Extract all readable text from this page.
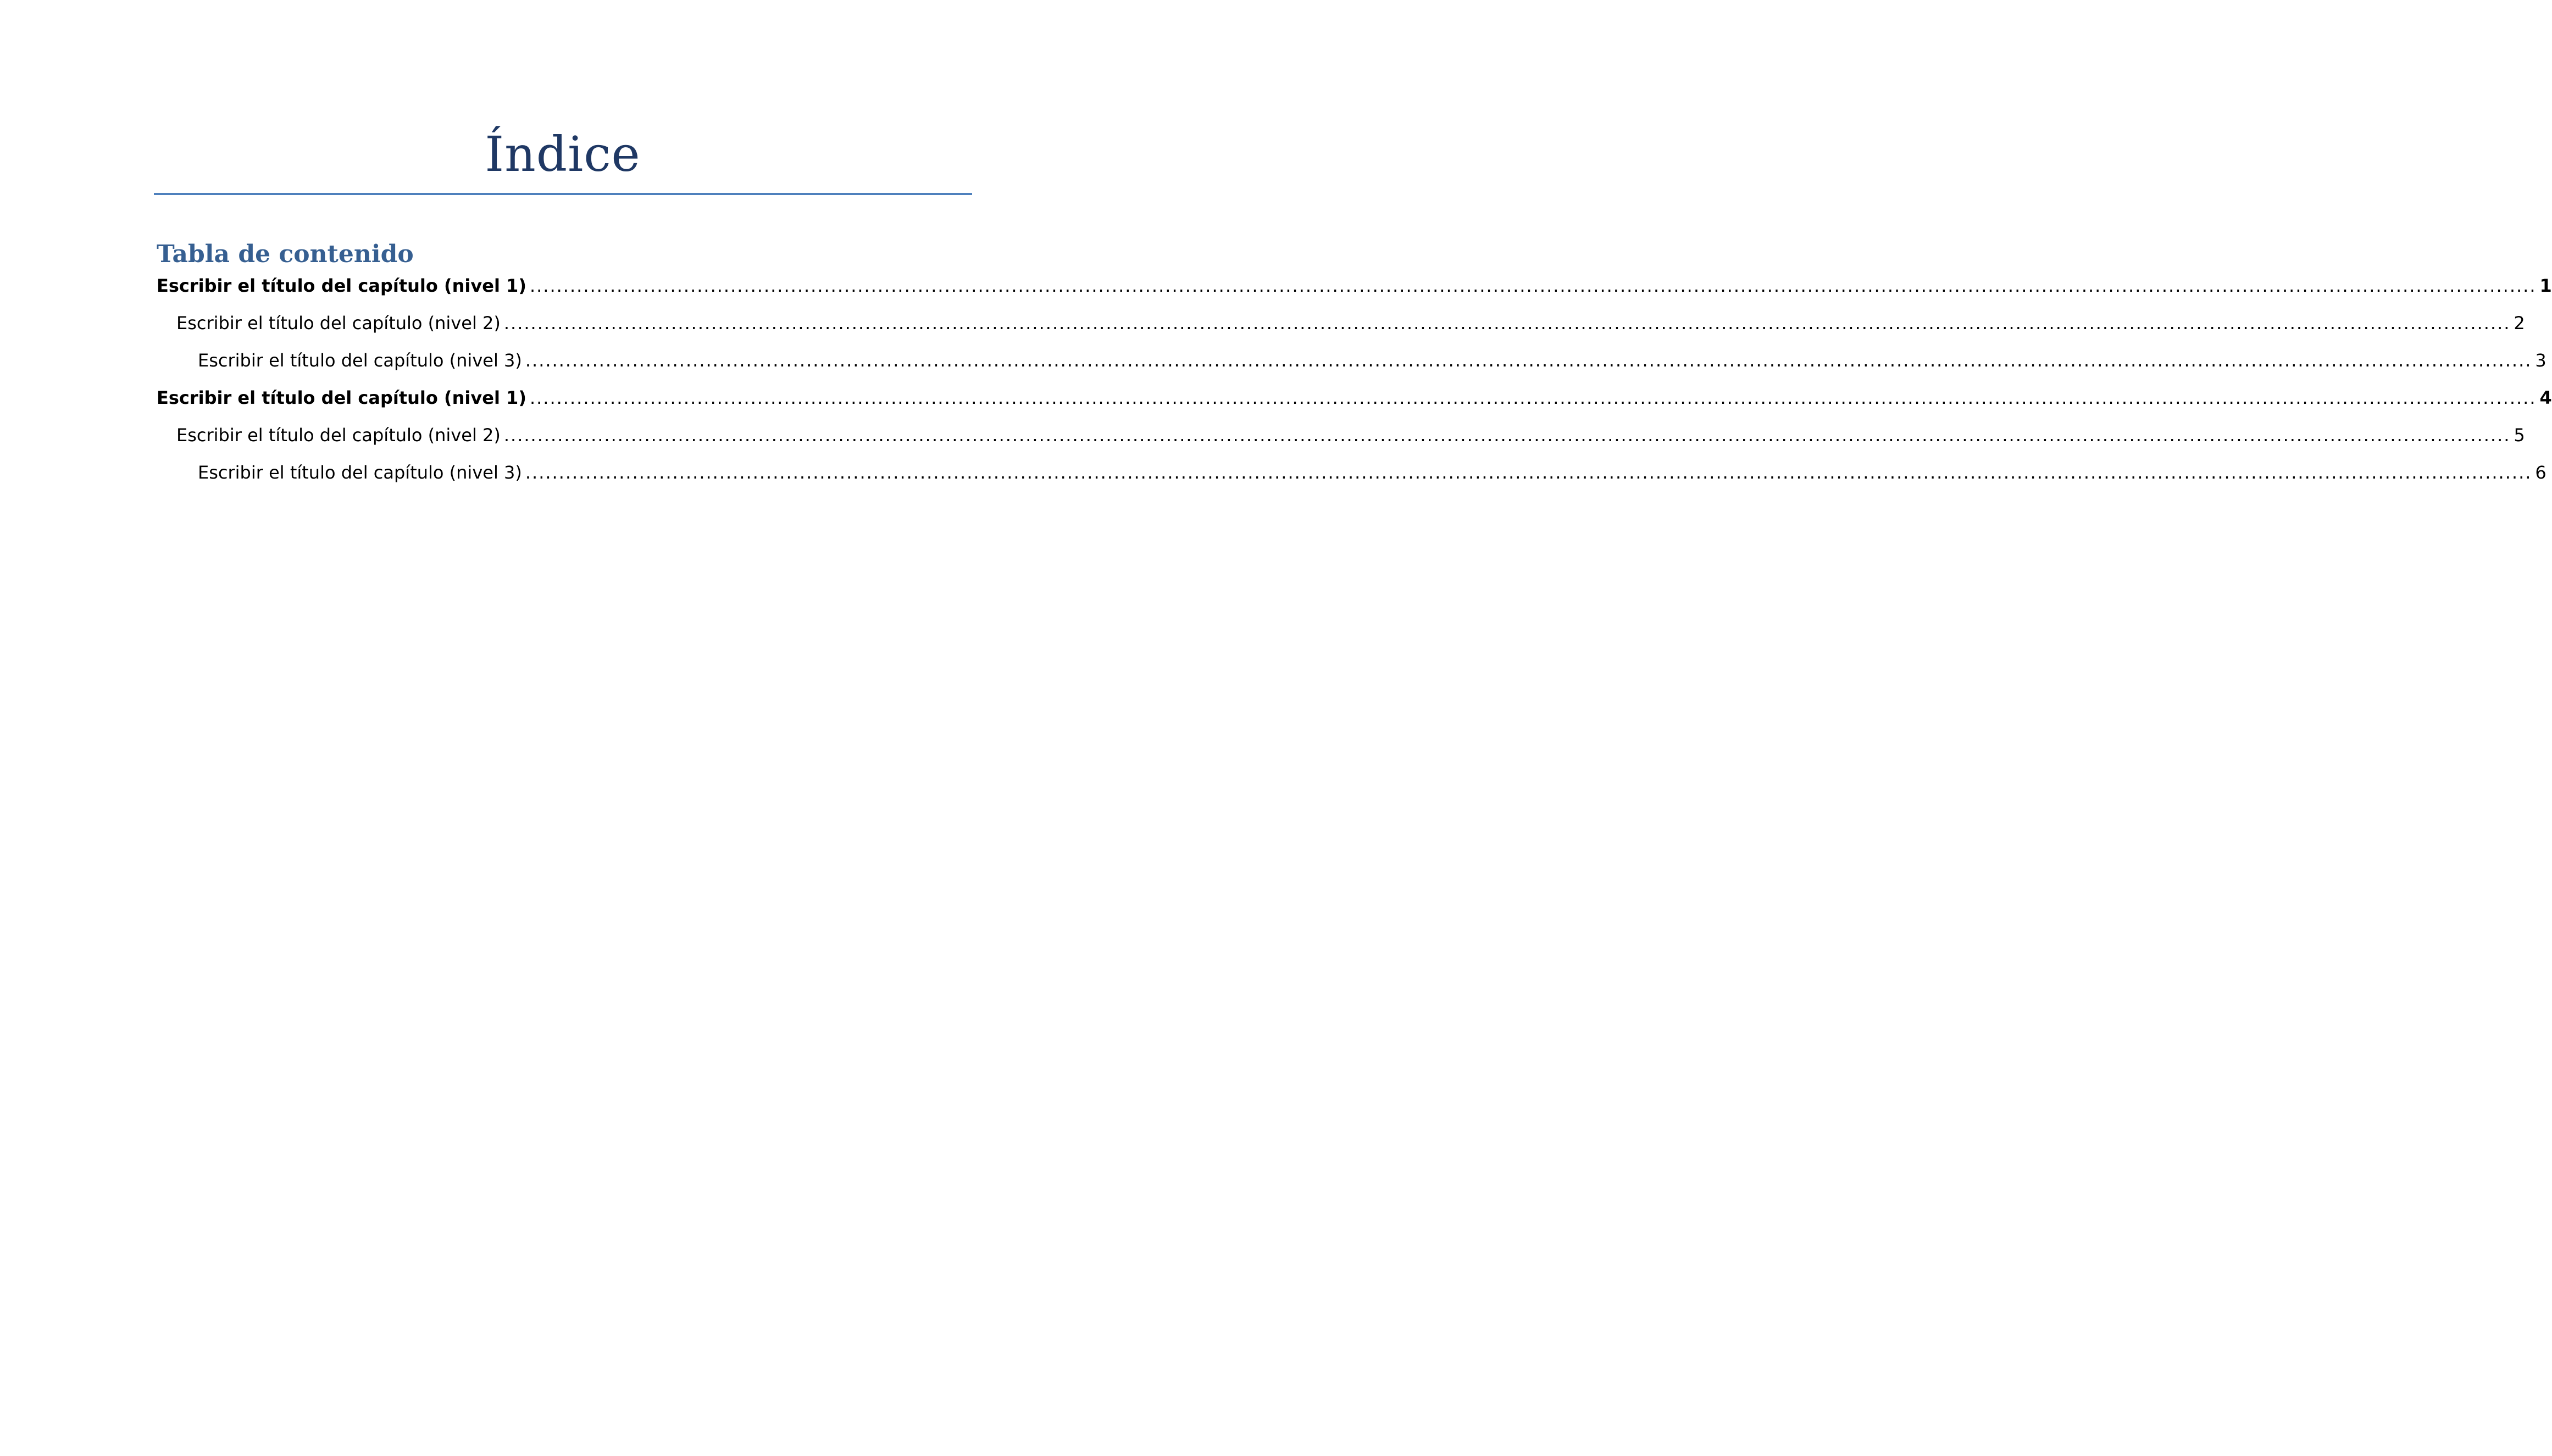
Índice
Tabla de contenido
Escribir el título del capítulo (nivel 1) ............................................................................................................................................................................................................................................................................................................ 1
Escribir el título del capítulo (nivel 2) ............................................................................................................................................................................................................................................................................................................ 2
Escribir el título del capítulo (nivel 3) ............................................................................................................................................................................................................................................................................................................ 3
Escribir el título del capítulo (nivel 1) ............................................................................................................................................................................................................................................................................................................ 4
Escribir el título del capítulo (nivel 2) ............................................................................................................................................................................................................................................................................................................ 5
Escribir el título del capítulo (nivel 3) ............................................................................................................................................................................................................................................................................................................ 6
